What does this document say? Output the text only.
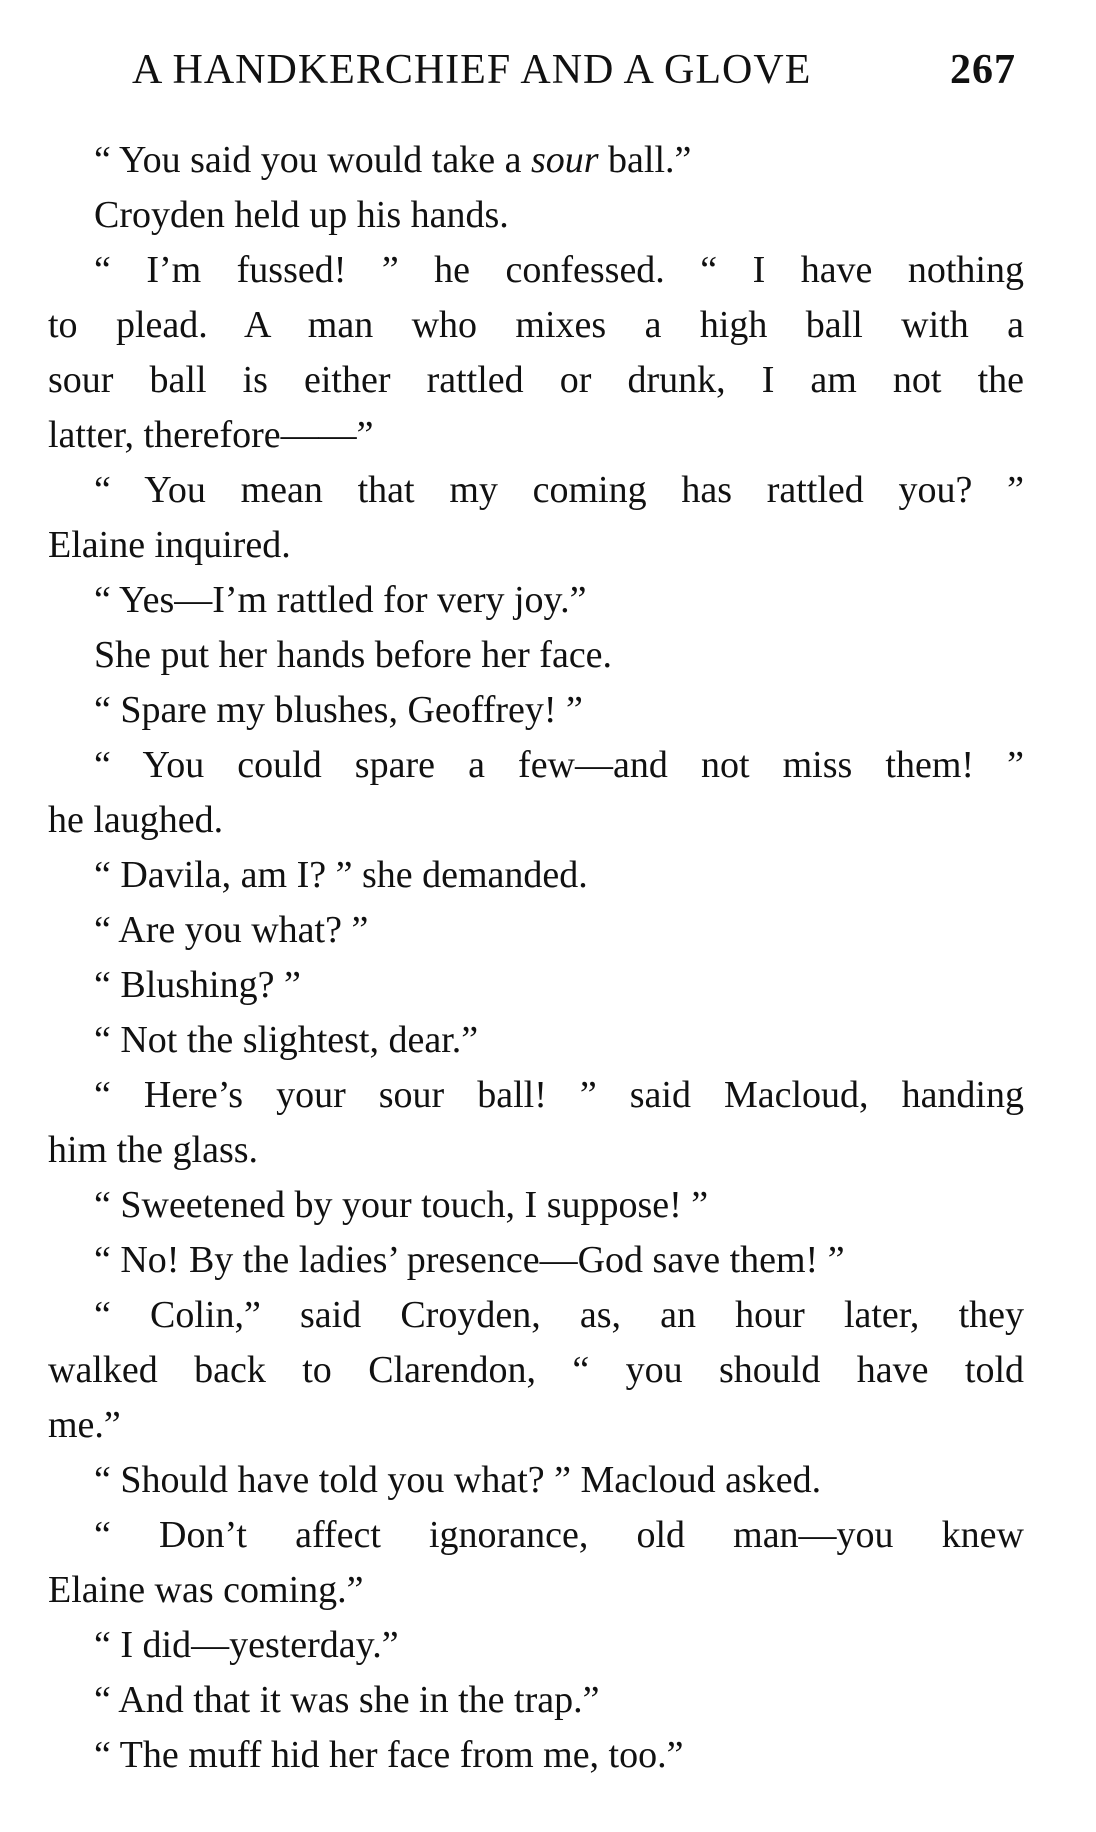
A HANDKERCHIEF AND A GLOVE	267
“ You said you would take a sour ball.”
Croyden held up his hands.
“ I’m fussed! ” he confessed. “ I have nothing
to plead. A man who mixes a high ball with a
sour ball is either rattled or drunk, I am not the
latter, therefore——”
“ You mean that my coming has rattled you? ”
Elaine inquired.
“ Yes—I’m rattled for very joy.”
She put her hands before her face.
“ Spare my blushes, Geoffrey! ”
“ You could spare a few—and not miss them! ”
he laughed.
“ Davila, am I? ” she demanded.
“ Are you what? ”
“ Blushing? ”
“ Not the slightest, dear.”
“ Here’s your sour ball! ” said Macloud, handing
him the glass.
“ Sweetened by your touch, I suppose! ”
“ No! By the ladies’ presence—God save them! ”
“ Colin,” said Croyden, as, an hour later, they
walked back to Clarendon, “ you should have told
me.”
“ Should have told you what? ” Macloud asked.
“ Don’t affect ignorance, old man—you knew
Elaine was coming.”
“ I did—yesterday.”
“ And that it was she in the trap.”
“ The muff hid her face from me, too.”
